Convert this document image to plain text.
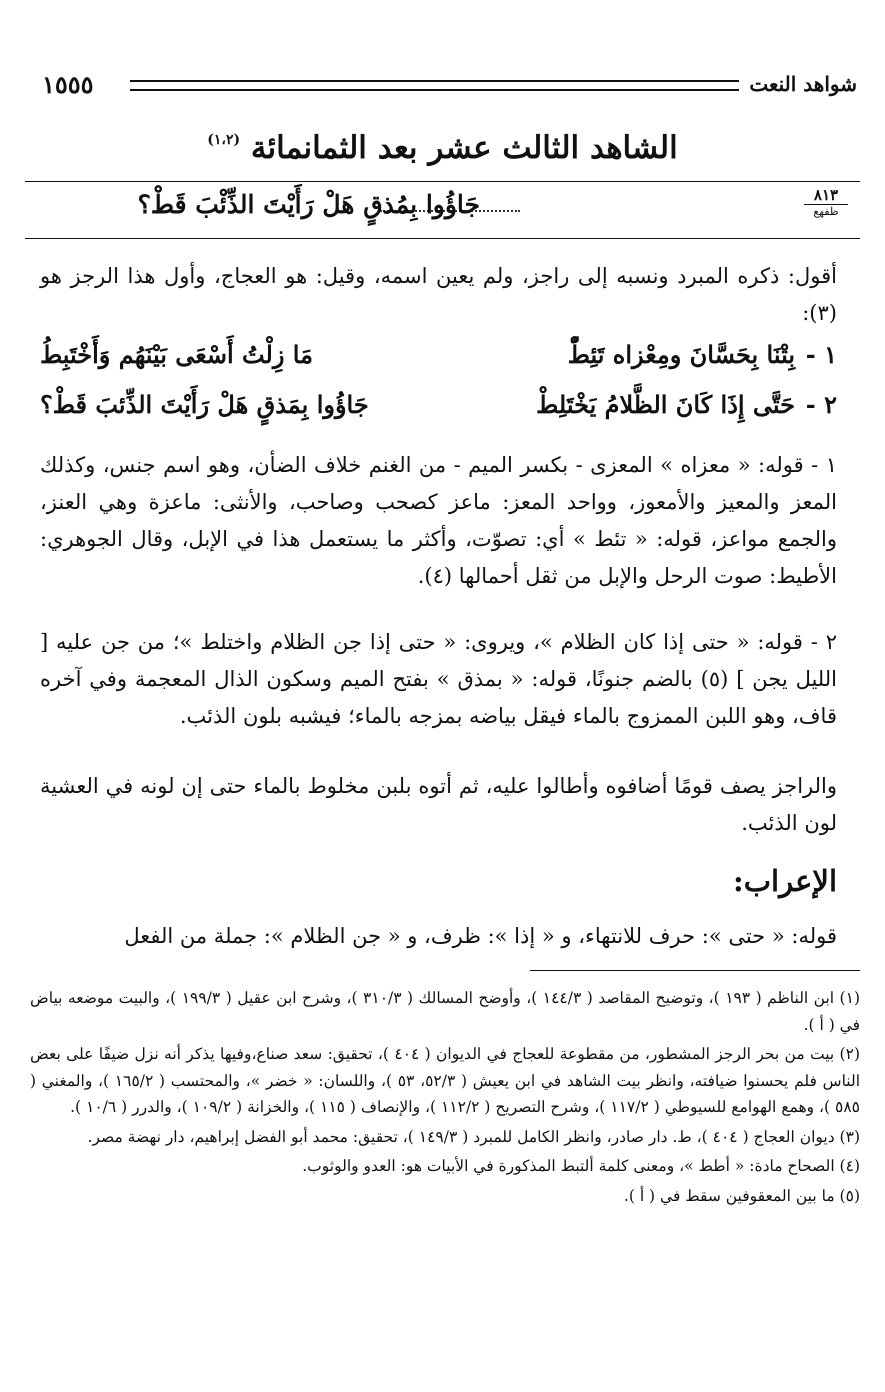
شواهد النعت
١٥٥٥
الشاهد الثالث عشر بعد الثمانمائة $^{(١،٢)}$
٨١٣
ظفهع
جَاؤُوا بِمُذقٍ هَلْ رَأَيْتَ الذِّئْبَ قَطْ؟
أقول: ذكره المبرد ونسبه إلى راجز، ولم يعين اسمه، وقيل: هو العجاج، وأول هذا الرجز هو (٣):
١ -
بِتْنَا بِحَسَّانَ ومِعْزاه تَئِطّْ
مَا زِلْتُ أَسْعَى بَيْنَهُم وَأَخْتَبِطُ
٢ -
حَتَّى إِذَا كَانَ الظَّلامُ يَخْتَلِطْ
جَاؤُوا بِمَذقٍ هَلْ رَأَيْتَ الذِّئبَ قَطْ؟
١ - قوله: « معزاه » المعزى - بكسر الميم - من الغنم خلاف الضأن، وهو اسم جنس، وكذلك المعز والمعيز والأمعوز، وواحد المعز: ماعز كصحب وصاحب، والأنثى: ماعزة وهي العنز، والجمع مواعز، قوله: « تئط » أي: تصوّت، وأكثر ما يستعمل هذا في الإبل، وقال الجوهري: الأطيط: صوت الرحل والإبل من ثقل أحمالها (٤).
٢ - قوله: « حتى إذا كان الظلام »، ويروى: « حتى إذا جن الظلام واختلط »؛ من جن عليه [ الليل يجن ] (٥) بالضم جنونًا، قوله: « بمذق » بفتح الميم وسكون الذال المعجمة وفي آخره قاف، وهو اللبن الممزوج بالماء فيقل بياضه بمزجه بالماء؛ فيشبه بلون الذئب.
والراجز يصف قومًا أضافوه وأطالوا عليه، ثم أتوه بلبن مخلوط بالماء حتى إن لونه في العشية لون الذئب.
الإعراب:
قوله: « حتى »: حرف للانتهاء، و « إذا »: ظرف، و « جن الظلام »: جملة من الفعل

(١) ابن الناظم ( ١٩٣ )، وتوضيح المقاصد ( ١٤٤/٣ )، وأوضح المسالك ( ٣١٠/٣ )، وشرح ابن عقيل ( ١٩٩/٣ )، والبيت موضعه بياض في ( أ ).

(٢) بيت من بحر الرجز المشطور، من مقطوعة للعجاج في الديوان ( ٤٠٤ )، تحقيق: سعد صناع،وفيها يذكر أنه نزل ضيفًا على بعض الناس فلم يحسنوا ضيافته، وانظر بيت الشاهد في ابن يعيش ( ٥٢/٣، ٥٣ )، واللسان: « خضر »، والمحتسب ( ١٦٥/٢ )، والمغني ( ٥٨٥ )، وهمع الهوامع للسيوطي ( ١١٧/٢ )، وشرح التصريح ( ١١٢/٢ )، والإنصاف ( ١١٥ )، والخزانة ( ١٠٩/٢ )، والدرر ( ١٠/٦ ).

(٣) ديوان العجاج ( ٤٠٤ )، ط. دار صادر، وانظر الكامل للمبرد ( ١٤٩/٣ )، تحقيق: محمد أبو الفضل إبراهيم، دار نهضة مصر.

(٤) الصحاح مادة: « أطط »، ومعنى كلمة ألتبط المذكورة في الأبيات هو: العدو والوثوب.

(٥) ما بين المعقوفين سقط في ( أ ).
